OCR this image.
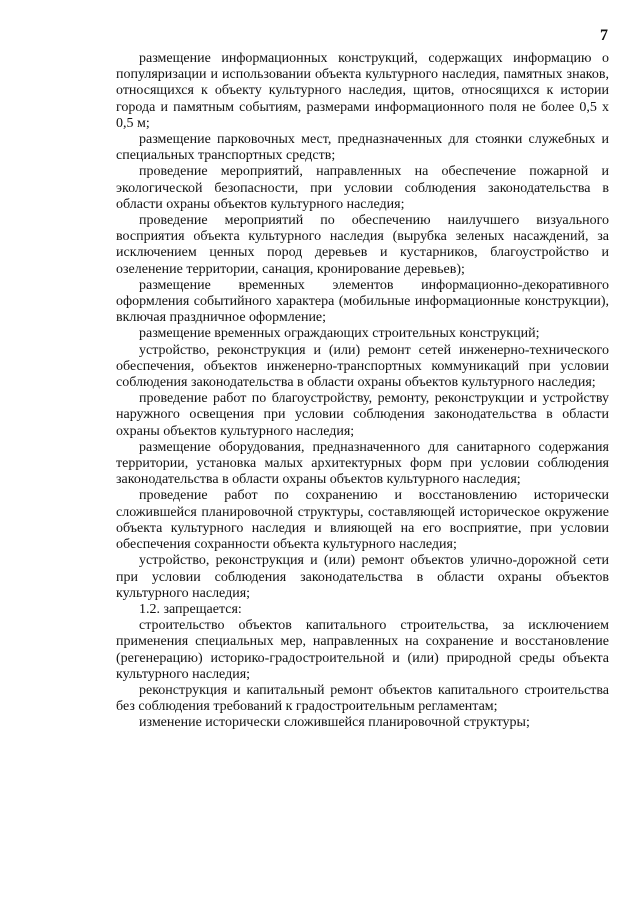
7

размещение информационных конструкций, содержащих информацию о популяризации и использовании объекта культурного наследия, памятных знаков, относящихся к объекту культурного наследия, щитов, относящихся к истории города и памятным событиям, размерами информационного поля не более 0,5 х 0,5 м;

размещение парковочных мест, предназначенных для стоянки служебных и специальных транспортных средств;

проведение мероприятий, направленных на обеспечение пожарной и экологической безопасности, при условии соблюдения законодательства в области охраны объектов культурного наследия;

проведение мероприятий по обеспечению наилучшего визуального восприятия объекта культурного наследия (вырубка зеленых насаждений, за исключением ценных пород деревьев и кустарников, благоустройство и озеленение территории, санация, кронирование деревьев);

размещение временных элементов информационно-декоративного оформления событийного характера (мобильные информационные конструкции), включая праздничное оформление;

размещение временных ограждающих строительных конструкций;

устройство, реконструкция и (или) ремонт сетей инженерно-технического обеспечения, объектов инженерно-транспортных коммуникаций при условии соблюдения законодательства в области охраны объектов культурного наследия;

проведение работ по благоустройству, ремонту, реконструкции и устройству наружного освещения при условии соблюдения законодательства в области охраны объектов культурного наследия;

размещение оборудования, предназначенного для санитарного содержания территории, установка малых архитектурных форм при условии соблюдения законодательства в области охраны объектов культурного наследия;

проведение работ по сохранению и восстановлению исторически сложившейся планировочной структуры, составляющей историческое окружение объекта культурного наследия и влияющей на его восприятие, при условии обеспечения сохранности объекта культурного наследия;

устройство, реконструкция и (или) ремонт объектов улично-дорожной сети при условии соблюдения законодательства в области охраны объектов культурного наследия;

1.2. запрещается:

строительство объектов капитального строительства, за исключением применения специальных мер, направленных на сохранение и восстановление (регенерацию) историко-градостроительной и (или) природной среды объекта культурного наследия;

реконструкция и капитальный ремонт объектов капитального строительства без соблюдения требований к градостроительным регламентам;

изменение исторически сложившейся планировочной структуры;
